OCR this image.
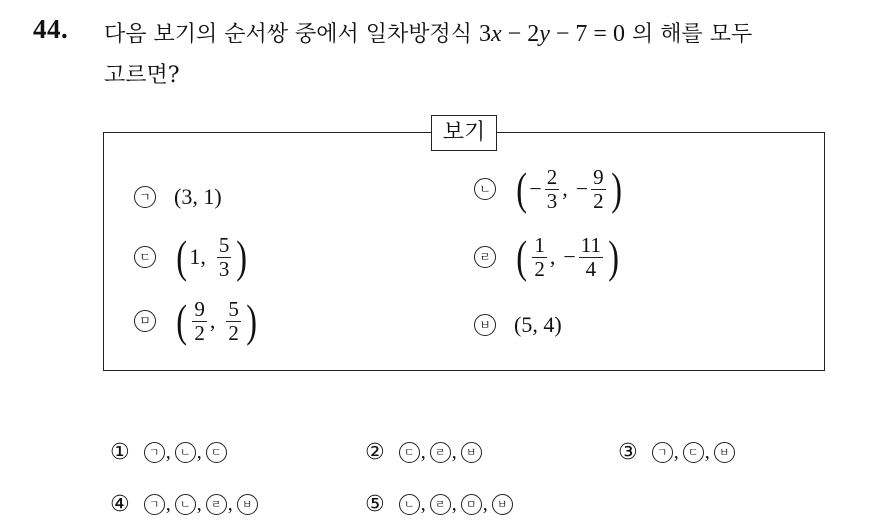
44. 다음 보기의 순서쌍 중에서 일차방정식 3x − 2y − 7 = 0 의 해를 모두
고르면?
보기
ㄱ (3, 1)	ㄴ ( − $\frac{2}{3}$ , − $\frac{9}{2}$ )
ㄷ ( 1, $\frac{5}{3}$ )	ㄹ ( $\frac{1}{2}$ , − $\frac{11}{4}$ )
ㅁ ( $\frac{9}{2}$ , $\frac{5}{2}$ )	ㅂ (5, 4)
①	ㄱ , ㄴ , ㄷ	②	ㄷ , ㄹ , ㅂ	③	ㄱ , ㄷ , ㅂ
④	ㄱ , ㄴ , ㄹ , ㅂ	⑤	ㄴ , ㄹ , ㅁ , ㅂ
